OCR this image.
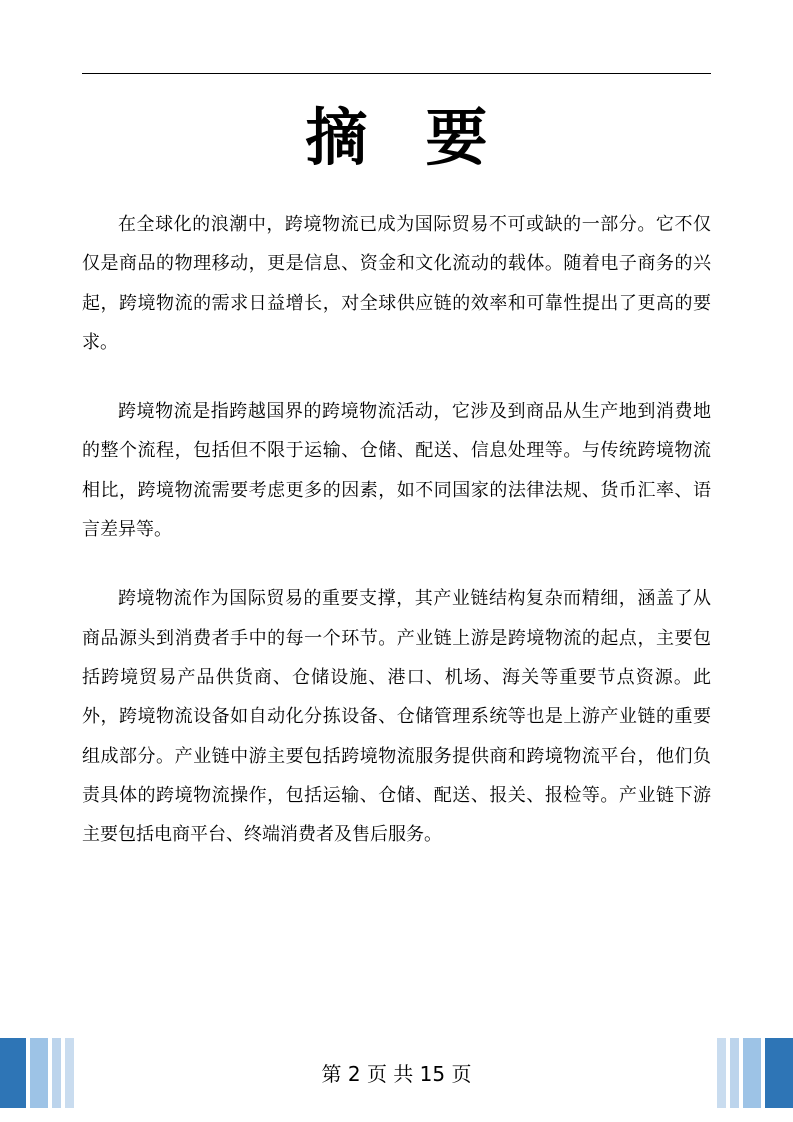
摘 要

在全球化的浪潮中，跨境物流已成为国际贸易不可或缺的一部分。它不仅仅是商品的物理移动，更是信息、资金和文化流动的载体。随着电子商务的兴起，跨境物流的需求日益增长，对全球供应链的效率和可靠性提出了更高的要求。

跨境物流是指跨越国界的跨境物流活动，它涉及到商品从生产地到消费地的整个流程，包括但不限于运输、仓储、配送、信息处理等。与传统跨境物流相比，跨境物流需要考虑更多的因素，如不同国家的法律法规、货币汇率、语言差异等。

跨境物流作为国际贸易的重要支撑，其产业链结构复杂而精细，涵盖了从商品源头到消费者手中的每一个环节。产业链上游是跨境物流的起点，主要包括跨境贸易产品供货商、仓储设施、港口、机场、海关等重要节点资源。此外，跨境物流设备如自动化分拣设备、仓储管理系统等也是上游产业链的重要组成部分。产业链中游主要包括跨境物流服务提供商和跨境物流平台，他们负责具体的跨境物流操作，包括运输、仓储、配送、报关、报检等。产业链下游主要包括电商平台、终端消费者及售后服务。

第 2 页 共 15 页
